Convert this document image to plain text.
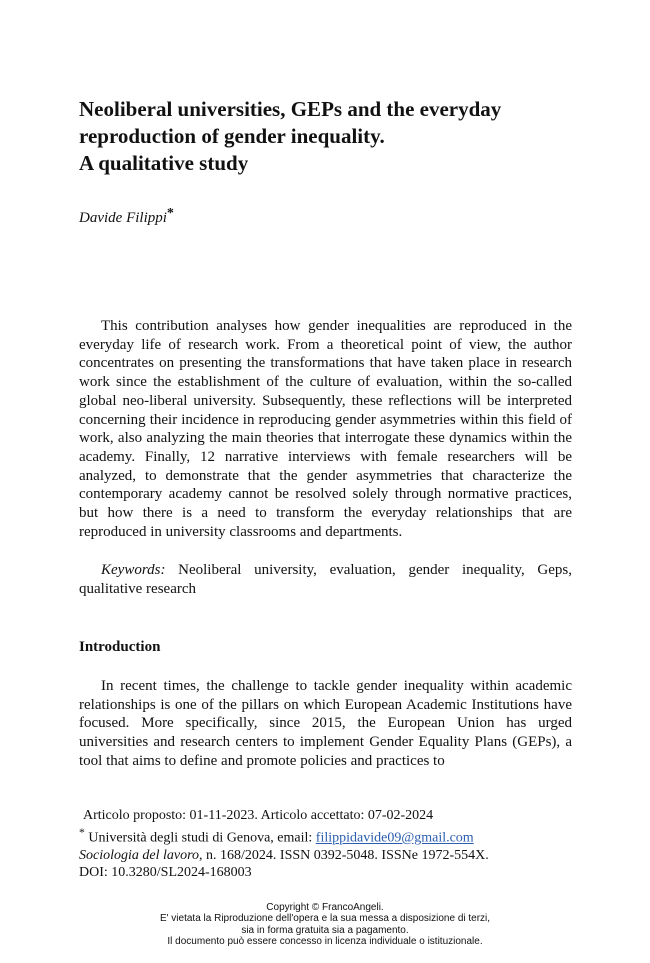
Neoliberal universities, GEPs and the everyday
reproduction of gender inequality.
A qualitative study

Davide Filippi*

This contribution analyses how gender inequalities are reproduced in the everyday life of research work. From a theoretical point of view, the author concentrates on presenting the transformations that have taken place in research work since the establishment of the culture of evaluation, within the so-called global neo-liberal university. Subsequently, these reflections will be interpreted concerning their incidence in reproducing gender asymmetries within this field of work, also analyzing the main theories that interrogate these dynamics within the academy. Finally, 12 narrative interviews with female researchers will be analyzed, to demonstrate that the gender asymmetries that characterize the contemporary academy cannot be resolved solely through normative practices, but how there is a need to transform the everyday relationships that are reproduced in university classrooms and departments.

Keywords: Neoliberal university, evaluation, gender inequality, Geps, qualitative research

Introduction

In recent times, the challenge to tackle gender inequality within academic relationships is one of the pillars on which European Academic Institutions have focused. More specifically, since 2015, the European Union has urged universities and research centers to implement Gender Equality Plans (GEPs), a tool that aims to define and promote policies and practices to

Articolo proposto: 01-11-2023. Articolo accettato: 07-02-2024

* Università degli studi di Genova, email: filippidavide09@gmail.com

Sociologia del lavoro, n. 168/2024. ISSN 0392-5048. ISSNe 1972-554X.

DOI: 10.3280/SL2024-168003

Copyright © FrancoAngeli.

E' vietata la Riproduzione dell'opera e la sua messa a disposizione di terzi,

sia in forma gratuita sia a pagamento.

Il documento può essere concesso in licenza individuale o istituzionale.
